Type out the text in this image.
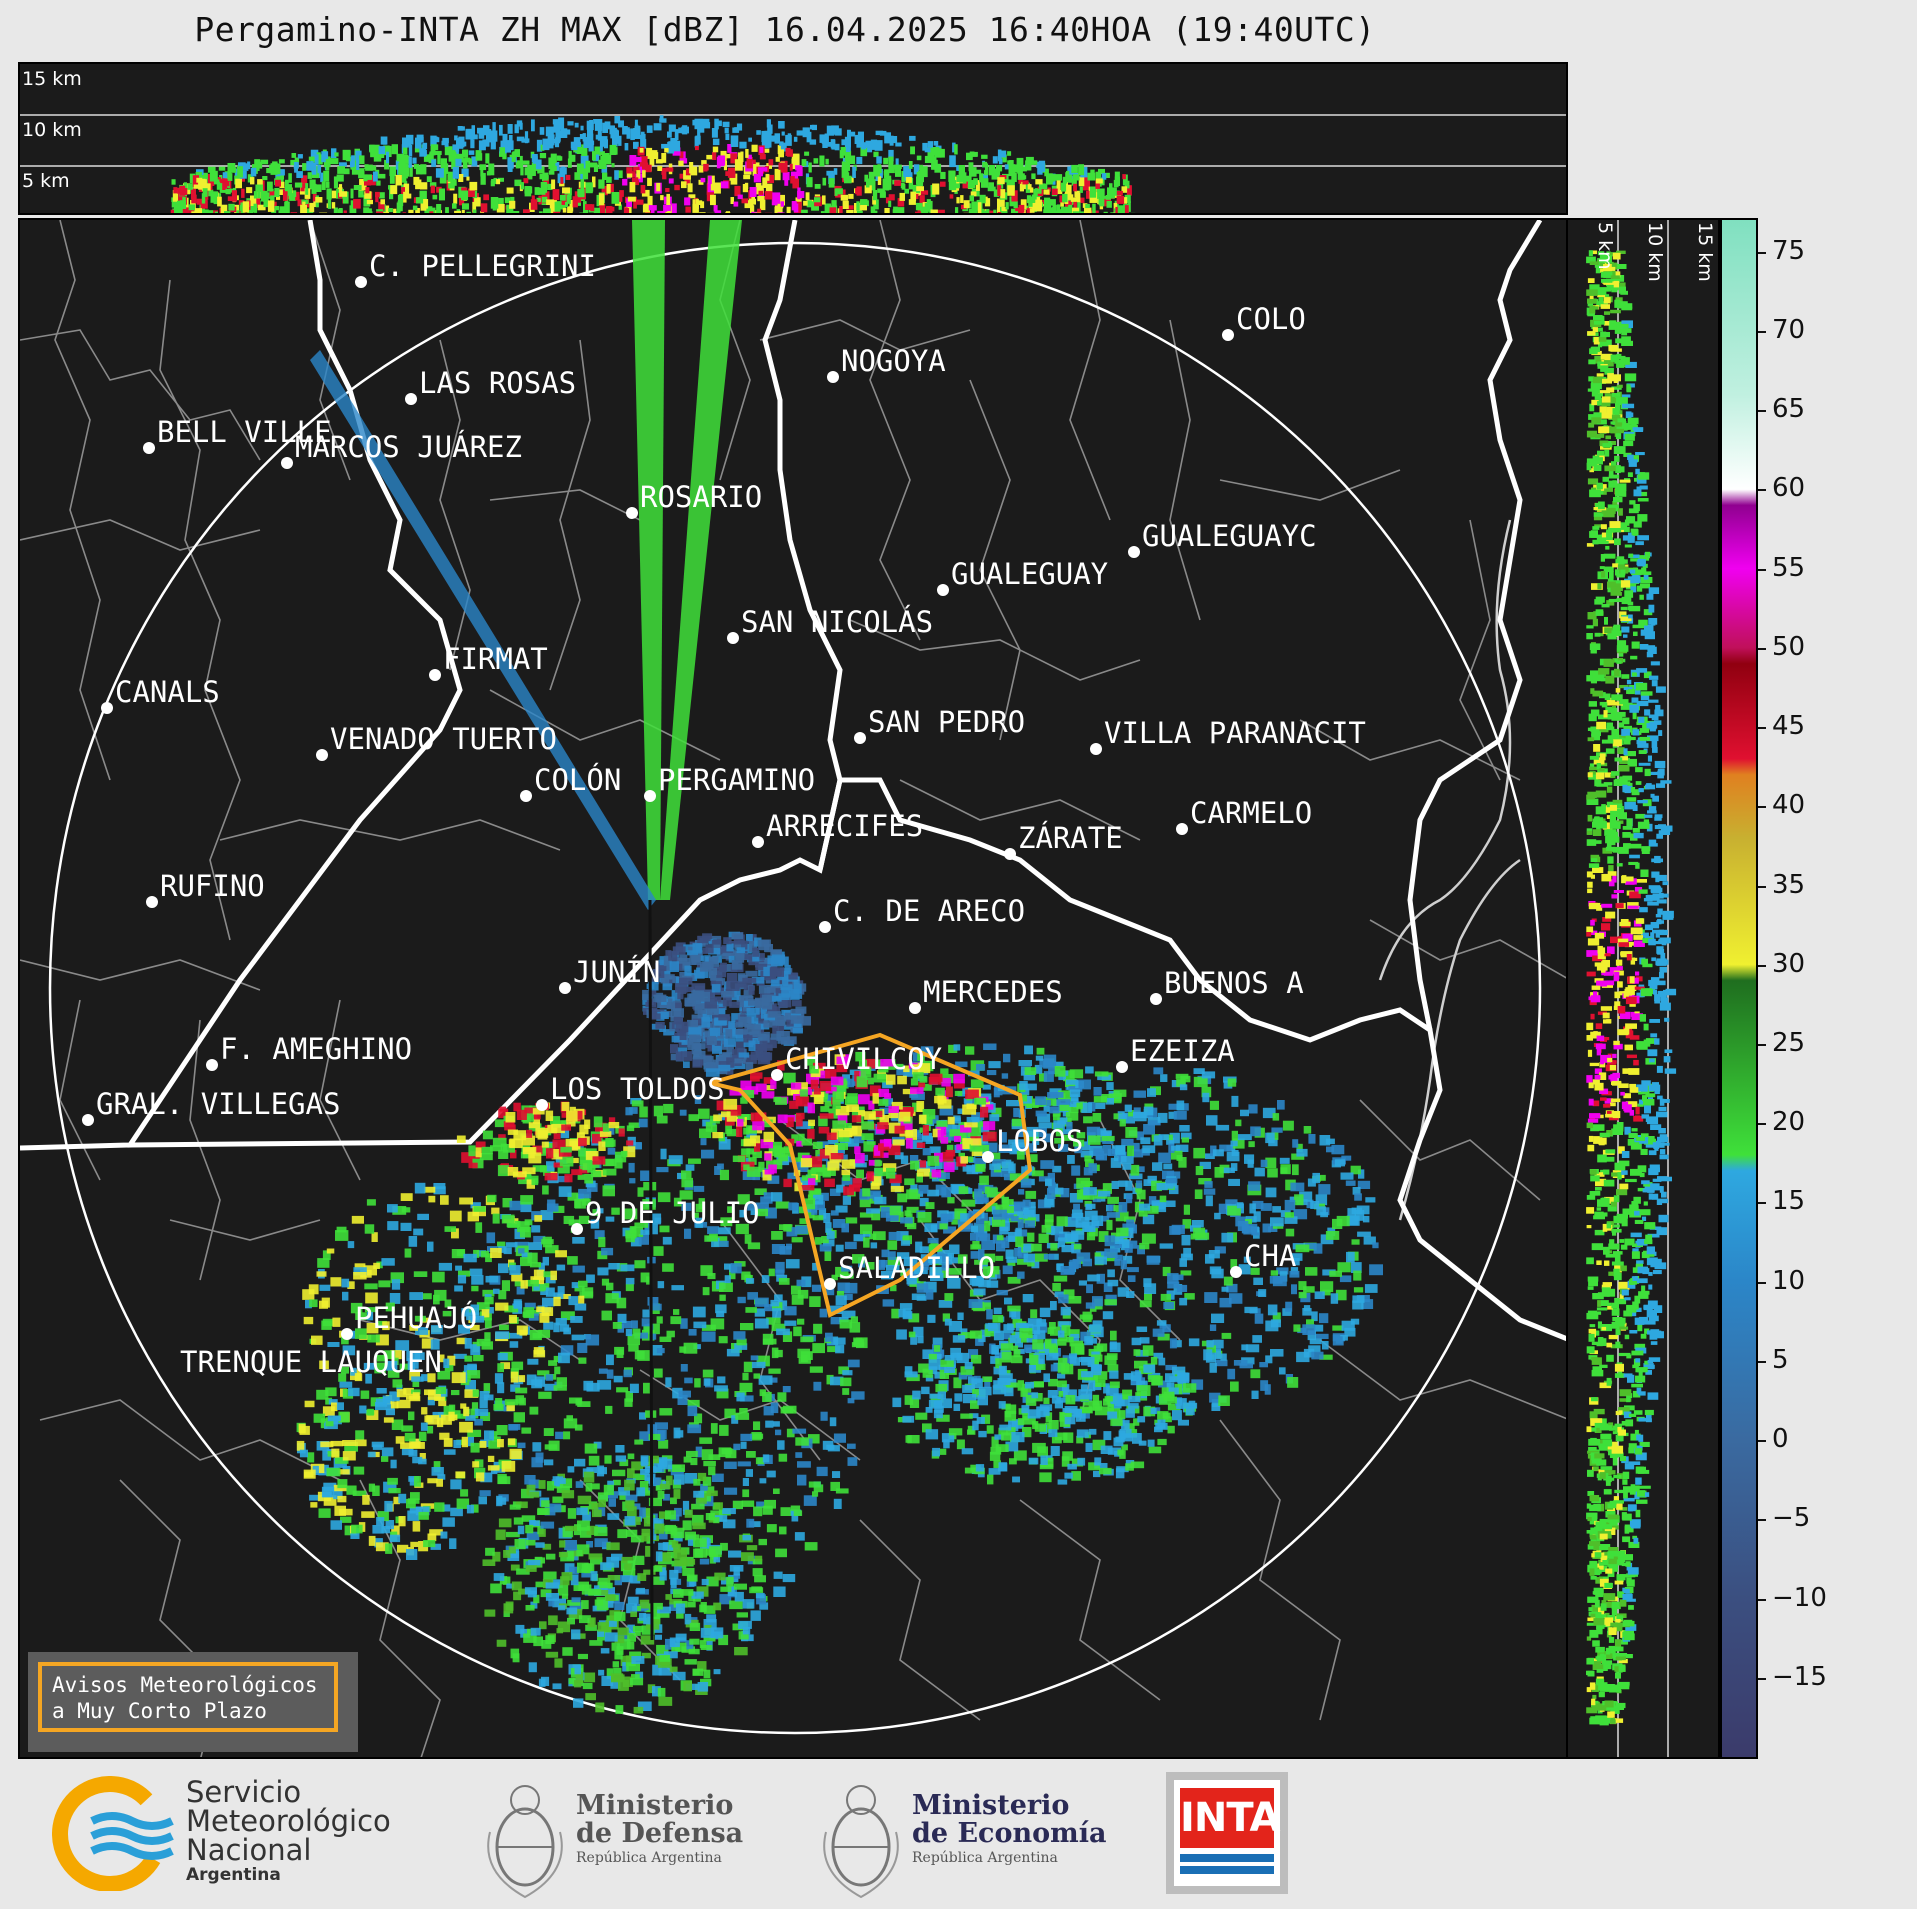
Pergamino-INTA ZH MAX [dBZ] 16.04.2025 16:40HOA (19:40UTC)
15 km
10 km
5 km
C. PELLEGRINI
LAS ROSAS
NOGOYA
BELL VILLE
MARCOS JUÁREZ
ROSARIO
GUALEGUAY
GUALEGUAYC
COLO
SAN NICOLÁS
FIRMAT
CANALS
SAN PEDRO	VILLA PARANACIT
VENADO TUERTO
COLÓN PERGAMINO
ARRECIFES	ZÁRATE
CARMELO
RUFINO
C. DE ARECO
JUNÍN
MERCEDES	BUENOS A
F. AMEGHINO	CHIVILCOY	EZEIZA
LOS TOLDOS
GRAL. VILLEGAS
LOBOS
9 DE JULIO
SALADILLO	CHA
PEHUAJÓ
TRENQUE LAUQUEN
5 km 10 km 15 km 75
70
65
60
55
50
45
40
35
30
25
20
15
10
5
0
−5
−10
−15
Avisos Meteorológicos
a Muy Corto Plazo
Servicio
Meteorológico
Nacional
Argentina
Ministerio
de Defensa
República Argentina
Ministerio
de Economía
República Argentina
INTA
